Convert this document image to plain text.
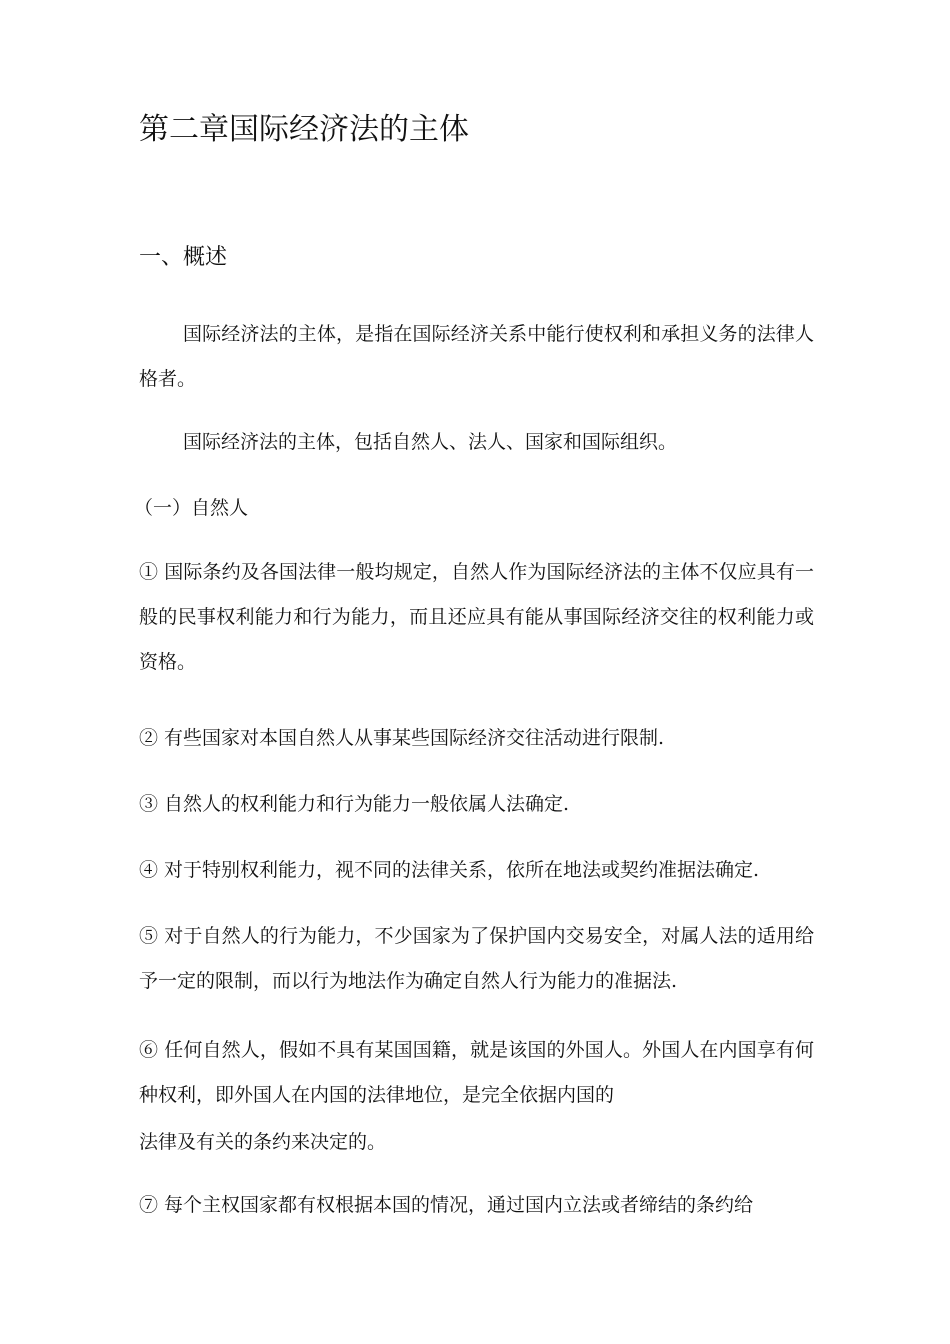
第二章国际经济法的主体
一、概述
国际经济法的主体，是指在国际经济关系中能行使权利和承担义务的法律人格者。
国际经济法的主体，包括自然人、法人、国家和国际组织。
（一）自然人
① 国际条约及各国法律一般均规定，自然人作为国际经济法的主体不仅应具有一般的民事权利能力和行为能力，而且还应具有能从事国际经济交往的权利能力或资格。
② 有些国家对本国自然人从事某些国际经济交往活动进行限制.
③ 自然人的权利能力和行为能力一般依属人法确定.
④ 对于特别权利能力，视不同的法律关系，依所在地法或契约准据法确定.
⑤ 对于自然人的行为能力，不少国家为了保护国内交易安全，对属人法的适用给予一定的限制，而以行为地法作为确定自然人行为能力的准据法.
⑥ 任何自然人，假如不具有某国国籍，就是该国的外国人。外国人在内国享有何种权利，即外国人在内国的法律地位，是完全依据内国的
法律及有关的条约来决定的。
⑦ 每个主权国家都有权根据本国的情况，通过国内立法或者缔结的条约给
